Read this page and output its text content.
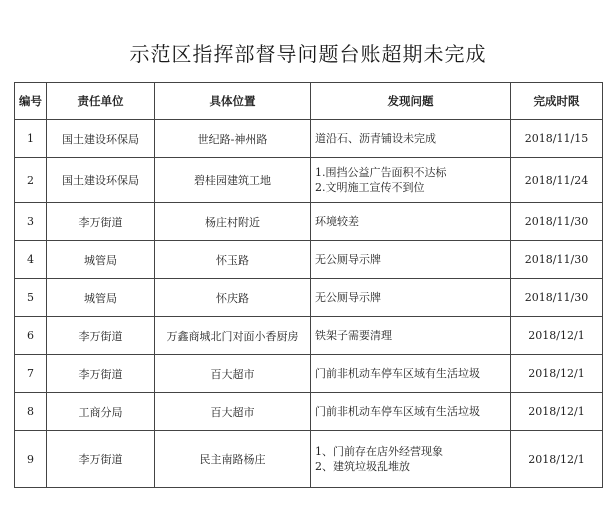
示范区指挥部督导问题台账超期未完成
编号	责任单位	具体位置	发现问题	完成时限
1	国土建设环保局	世纪路-神州路	道沿石、沥青铺设未完成	2018/11/15
2	国土建设环保局	碧桂园建筑工地	1.围挡公益广告面积不达标
2.文明施工宣传不到位	2018/11/24
3	李万街道	杨庄村附近	环境较差	2018/11/30
4	城管局	怀玉路	无公厕导示牌	2018/11/30
5	城管局	怀庆路	无公厕导示牌	2018/11/30
6	李万街道	万鑫商城北门对面小香厨房	铁架子需要清理	2018/12/1
7	李万街道	百大超市	门前非机动车停车区域有生活垃圾	2018/12/1
8	工商分局	百大超市	门前非机动车停车区域有生活垃圾	2018/12/1
9	李万街道	民主南路杨庄	1、门前存在店外经营现象
2、建筑垃圾乱堆放	2018/12/1
